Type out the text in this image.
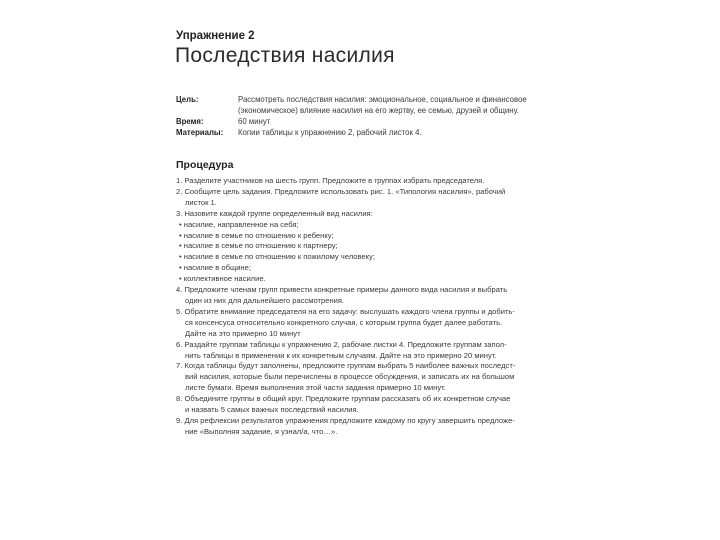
Упражнение 2
Последствия насилия
Цель:	Рассмотреть последствия насилия: эмоциональное, социальное и финансовое
(экономическое) влияние насилия на его жертву, ее семью, друзей и общину.
Время:	60 минут
Материалы:	Копии таблицы к упражнению 2, рабочий листок 4.
Процедура
1. Разделите участников на шесть групп. Предложите в группах избрать председателя.
2. Сообщите цель задания. Предложите использовать рис. 1. «Типология насилия», рабочий
листок 1.
3. Назовите каждой группе определенный вид насилия:
• насилие, направленное на себя;
• насилие в семье по отношению к ребенку;
• насилие в семье по отношению к партнеру;
• насилие в семье по отношению к пожилому человеку;
• насилие в общине;
• коллективное насилие.
4. Предложите членам групп привести конкретные примеры данного вида насилия и выбрать
один из них для дальнейшего рассмотрения.
5. Обратите внимание председателя на его задачу: выслушать каждого члена группы и добить-
ся консенсуса относительно конкретного случая, с которым группа будет далее работать.
Дайте на это примерно 10 минут
6. Раздайте группам таблицы к упражнению 2, рабочие листки 4. Предложите группам запол-
нить таблицы в применении к их конкретным случаям. Дайте на это примерно 20 минут.
7. Когда таблицы будут заполнены, предложите группам выбрать 5 наиболее важных последст-
вий насилия, которые были перечислены в процессе обсуждения, и записать их на большом
листе бумаги. Время выполнения этой части задания примерно 10 минут.
8. Объедините группы в общий круг. Предложите группам рассказать об их конкретном случае
и назвать 5 самых важных последствий насилия.
9. Для рефлексии результатов упражнения предложите каждому по кругу завершить предложе-
ние «Выполняя задание, я узнал/а, что…».
